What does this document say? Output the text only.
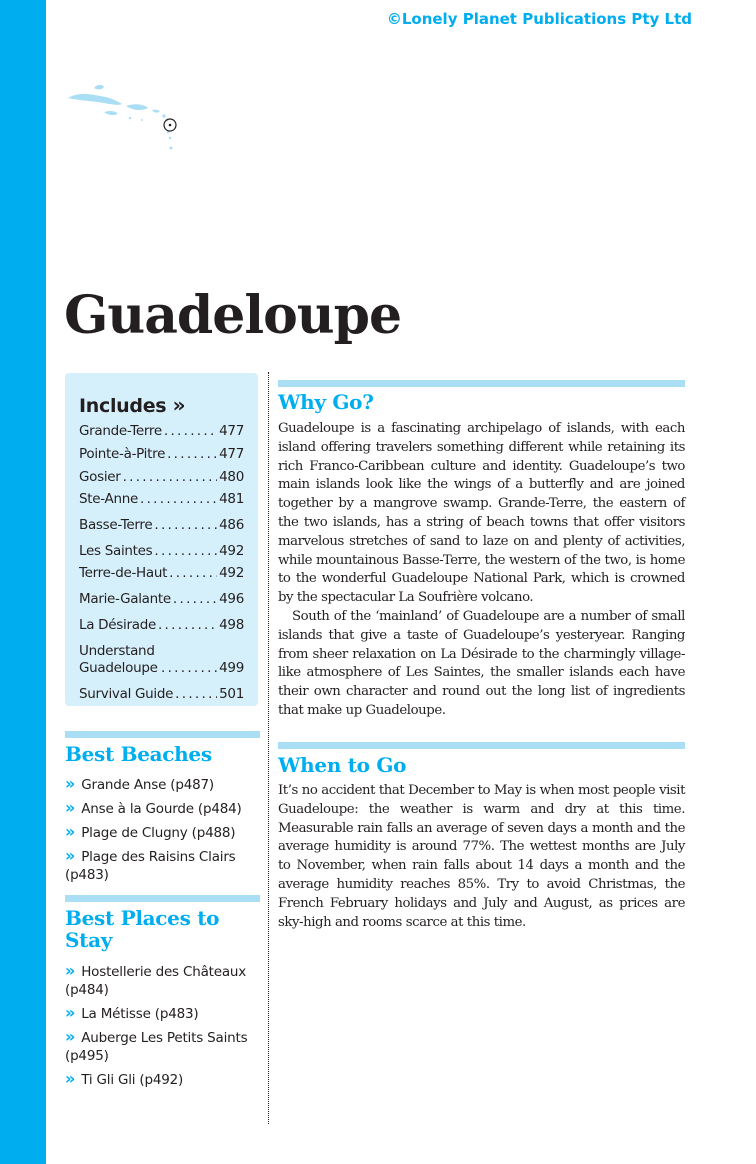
©Lonely Planet Publications Pty Ltd
Guadeloupe
Includes »
Grande-Terre . . .	477
Pointe-à-Pitre . . .	477
Gosier . . .	480
Ste-Anne . . .	481
Basse-Terre . . .	486
Les Saintes . . .	492
Terre-de-Haut . . .	492
Marie-Galante . . .	496
La Désirade . . .	498
Understand Guadeloupe . . .	499
Survival Guide . . .	501
Best Beaches
» Grande Anse (p487)
» Anse à la Gourde (p484)
» Plage de Clugny (p488)
» Plage des Raisins Clairs (p483)
Best Places to Stay
» Hostellerie des Châteaux (p484)
» La Métisse (p483)
» Auberge Les Petits Saints (p495)
» Ti Gli Gli (p492)
Why Go?

Guadeloupe is a fascinating archipelago of islands, with each island offering travelers something different while retaining its rich Franco-Caribbean culture and identity. Guadeloupe’s two main islands look like the wings of a butterfly and are joined together by a mangrove swamp. Grande-Terre, the eastern of the two islands, has a string of beach towns that offer visitors marvelous stretches of sand to laze on and plenty of activities, while mountainous Basse-Terre, the western of the two, is home to the wonderful Guadeloupe National Park, which is crowned by the spectacular La Soufrière volcano.

South of the ‘mainland’ of Guadeloupe are a number of small islands that give a taste of Guadeloupe’s yesteryear. Ranging from sheer relaxation on La Désirade to the charmingly village-like atmosphere of Les Saintes, the smaller islands each have their own character and round out the long list of ingredients that make up Guadeloupe.

When to Go

It’s no accident that December to May is when most people visit Guadeloupe: the weather is warm and dry at this time. Measurable rain falls an average of seven days a month and the average humidity is around 77%. The wettest months are July to November, when rain falls about 14 days a month and the average humidity reaches 85%. Try to avoid Christmas, the French February holidays and July and August, as prices are sky-high and rooms scarce at this time.
